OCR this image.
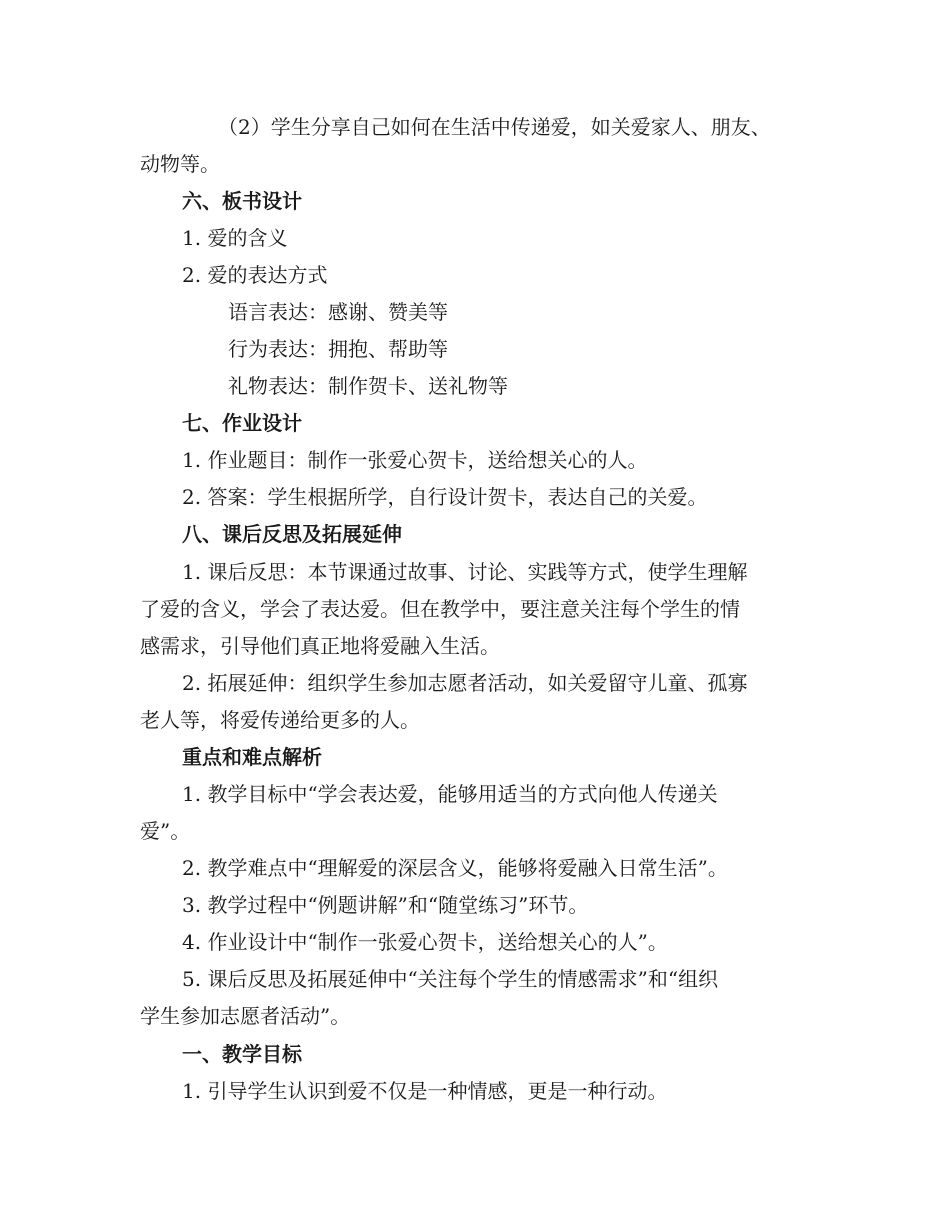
（2）学生分享自己如何在生活中传递爱，如关爱家人、朋友、
动物等。
六、板书设计
1. 爱的含义
2. 爱的表达方式
语言表达：感谢、赞美等
行为表达：拥抱、帮助等
礼物表达：制作贺卡、送礼物等
七、作业设计
1. 作业题目：制作一张爱心贺卡，送给想关心的人。
2. 答案：学生根据所学，自行设计贺卡，表达自己的关爱。
八、课后反思及拓展延伸
1. 课后反思：本节课通过故事、讨论、实践等方式，使学生理解
了爱的含义，学会了表达爱。但在教学中，要注意关注每个学生的情
感需求，引导他们真正地将爱融入生活。
2. 拓展延伸：组织学生参加志愿者活动，如关爱留守儿童、孤寡
老人等，将爱传递给更多的人。
重点和难点解析
1. 教学目标中“学会表达爱，能够用适当的方式向他人传递关
爱”。
2. 教学难点中“理解爱的深层含义，能够将爱融入日常生活”。
3. 教学过程中“例题讲解”和“随堂练习”环节。
4. 作业设计中“制作一张爱心贺卡，送给想关心的人”。
5. 课后反思及拓展延伸中“关注每个学生的情感需求”和“组织
学生参加志愿者活动”。
一、教学目标
1. 引导学生认识到爱不仅是一种情感，更是一种行动。
